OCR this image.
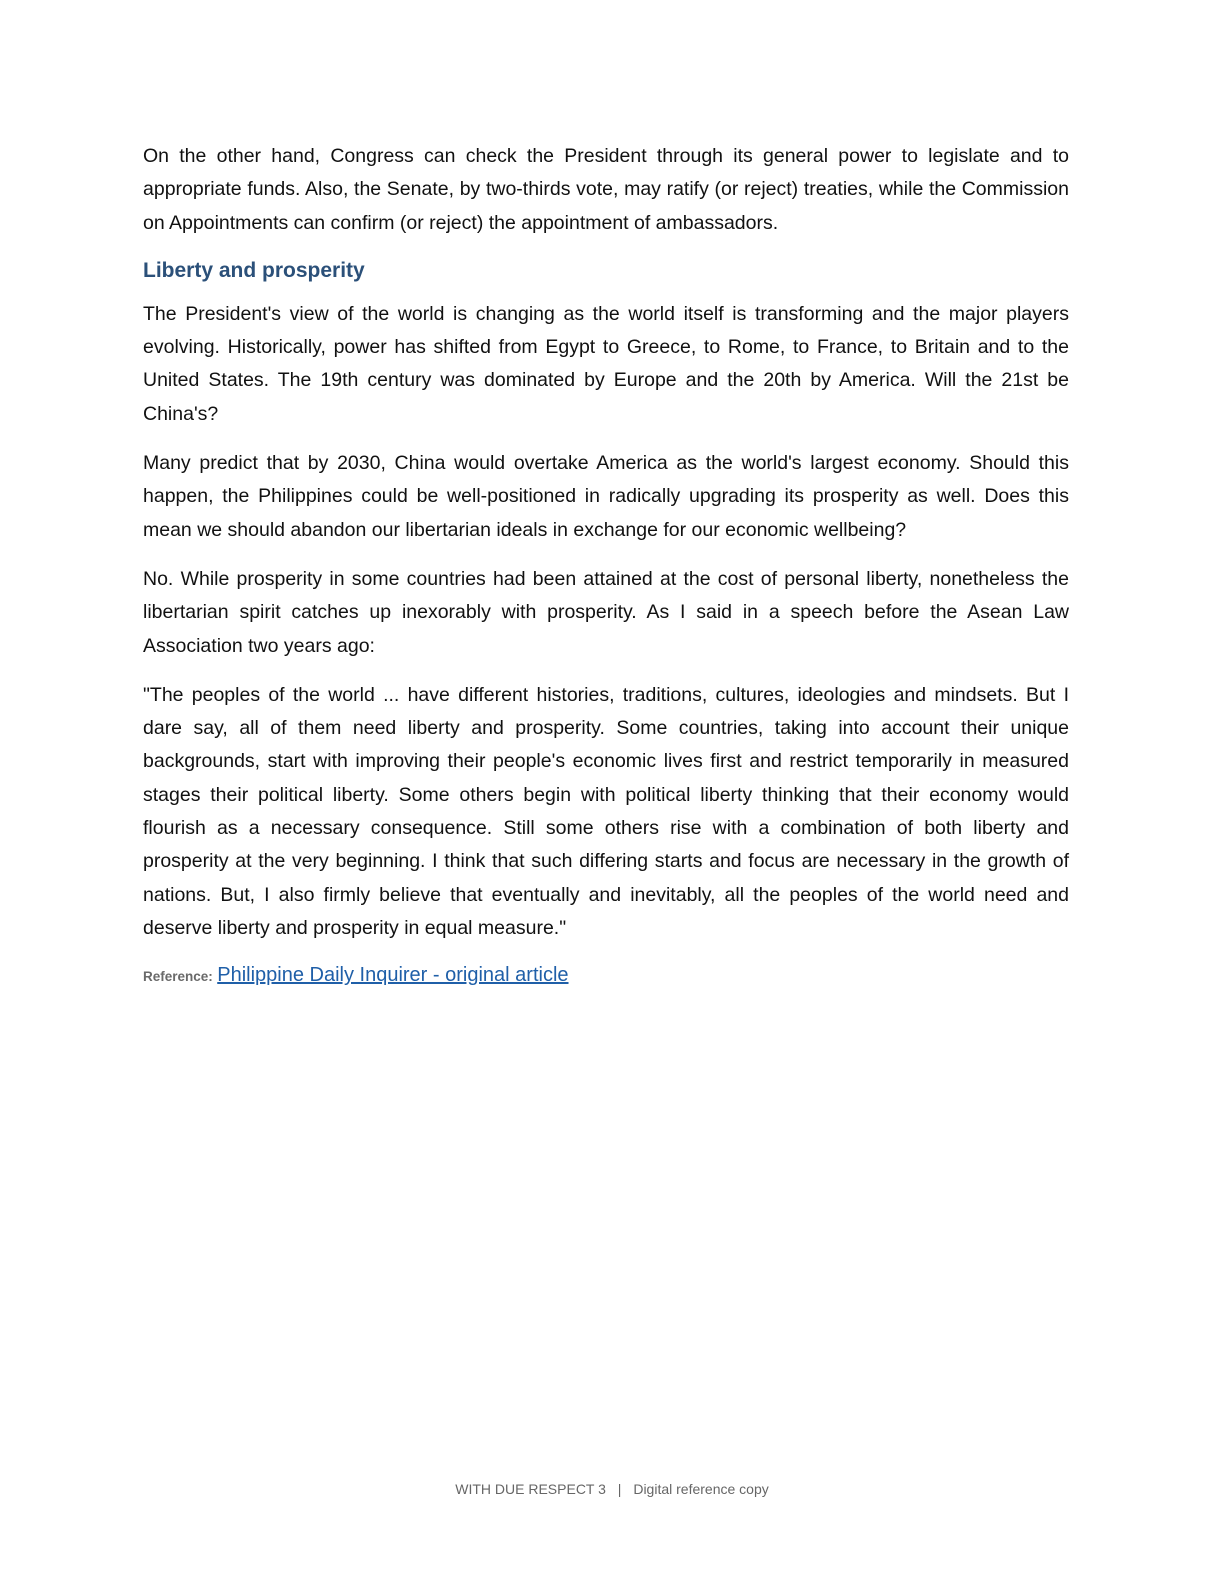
On the other hand, Congress can check the President through its general power to legislate and to appropriate funds. Also, the Senate, by two-thirds vote, may ratify (or reject) treaties, while the Commission on Appointments can confirm (or reject) the appointment of ambassadors.

Liberty and prosperity

The President's view of the world is changing as the world itself is transforming and the major players evolving. Historically, power has shifted from Egypt to Greece, to Rome, to France, to Britain and to the United States. The 19th century was dominated by Europe and the 20th by America. Will the 21st be China's?

Many predict that by 2030, China would overtake America as the world's largest economy. Should this happen, the Philippines could be well-positioned in radically upgrading its prosperity as well. Does this mean we should abandon our libertarian ideals in exchange for our economic wellbeing?

No. While prosperity in some countries had been attained at the cost of personal liberty, nonetheless the libertarian spirit catches up inexorably with prosperity. As I said in a speech before the Asean Law Association two years ago:

"The peoples of the world ... have different histories, traditions, cultures, ideologies and mindsets. But I dare say, all of them need liberty and prosperity. Some countries, taking into account their unique backgrounds, start with improving their people's economic lives first and restrict temporarily in measured stages their political liberty. Some others begin with political liberty thinking that their economy would flourish as a necessary consequence. Still some others rise with a combination of both liberty and prosperity at the very beginning. I think that such differing starts and focus are necessary in the growth of nations. But, I also firmly believe that eventually and inevitably, all the peoples of the world need and deserve liberty and prosperity in equal measure."

Reference: Philippine Daily Inquirer - original article
WITH DUE RESPECT 3 | Digital reference copy
